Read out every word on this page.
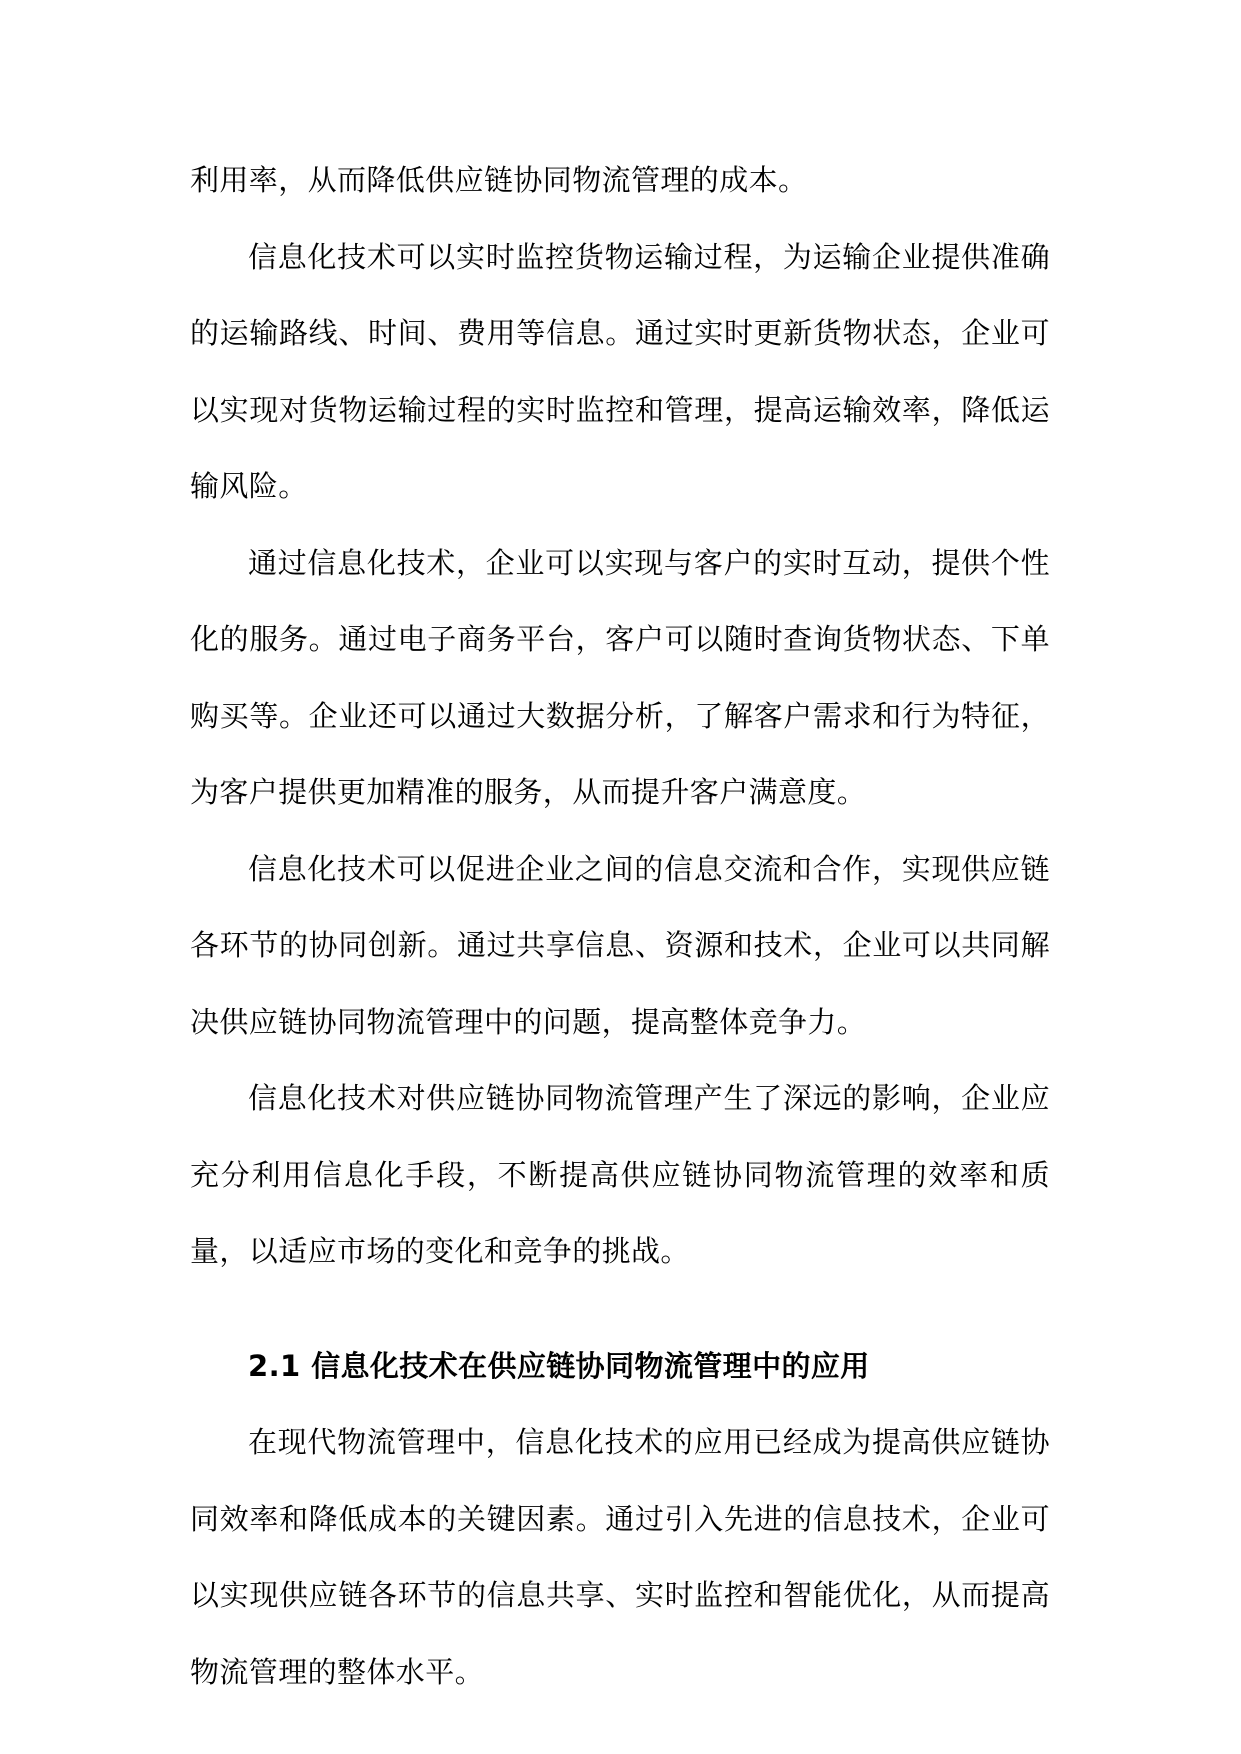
利用率，从而降低供应链协同物流管理的成本。

信息化技术可以实时监控货物运输过程，为运输企业提供准确的运输路线、时间、费用等信息。通过实时更新货物状态，企业可以实现对货物运输过程的实时监控和管理，提高运输效率，降低运输风险。

通过信息化技术，企业可以实现与客户的实时互动，提供个性化的服务。通过电子商务平台，客户可以随时查询货物状态、下单购买等。企业还可以通过大数据分析，了解客户需求和行为特征，为客户提供更加精准的服务，从而提升客户满意度。

信息化技术可以促进企业之间的信息交流和合作，实现供应链各环节的协同创新。通过共享信息、资源和技术，企业可以共同解决供应链协同物流管理中的问题，提高整体竞争力。

信息化技术对供应链协同物流管理产生了深远的影响，企业应充分利用信息化手段，不断提高供应链协同物流管理的效率和质量，以适应市场的变化和竞争的挑战。

2.1 信息化技术在供应链协同物流管理中的应用

在现代物流管理中，信息化技术的应用已经成为提高供应链协同效率和降低成本的关键因素。通过引入先进的信息技术，企业可以实现供应链各环节的信息共享、实时监控和智能优化，从而提高物流管理的整体水平。
